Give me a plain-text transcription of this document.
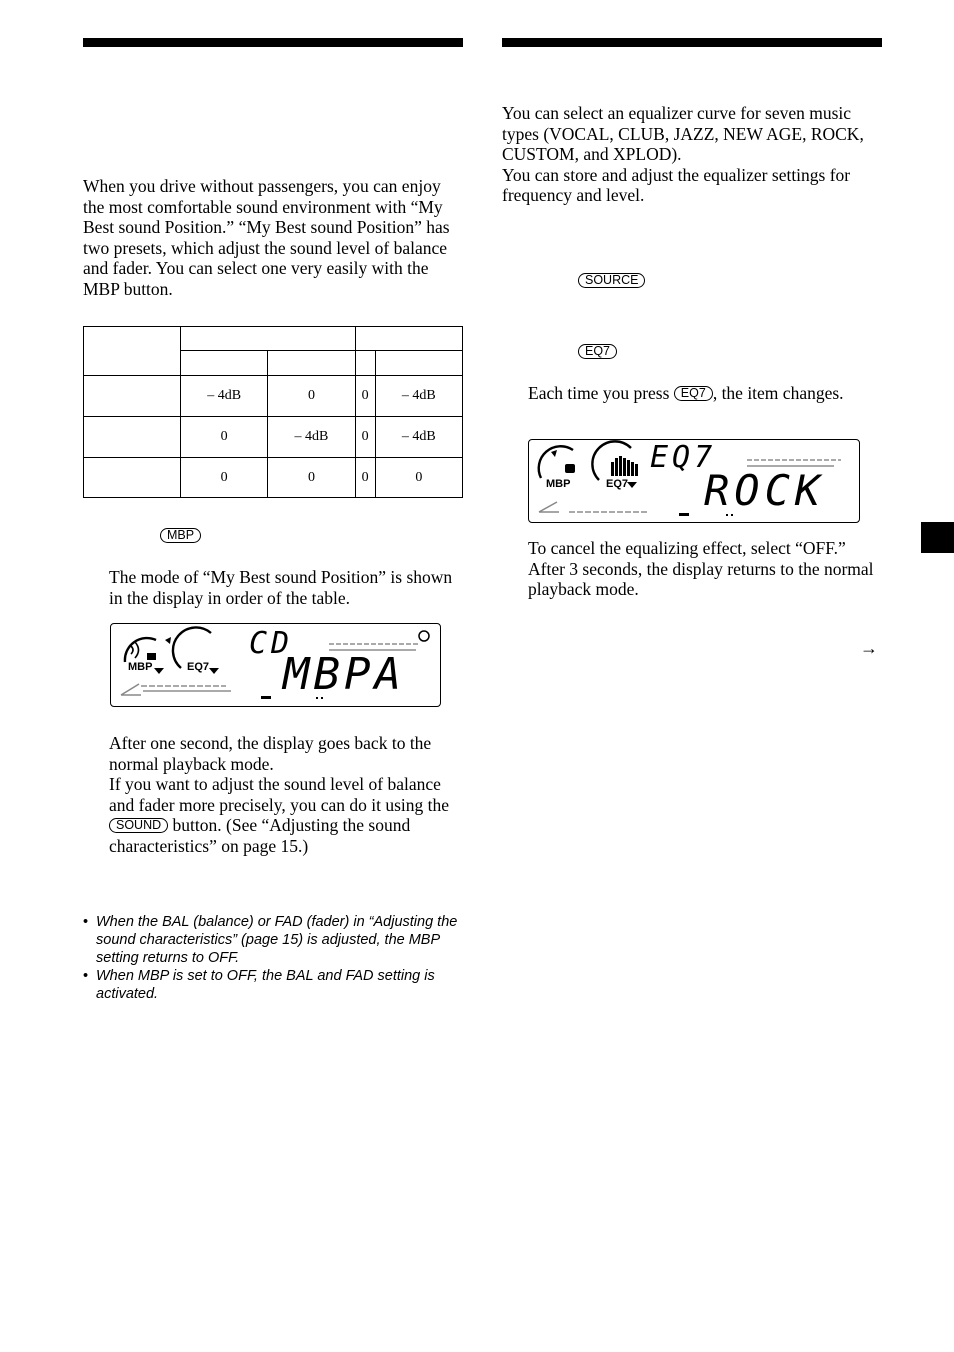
When you drive without passengers, you can enjoy the most comfortable sound environment with “My Best sound Position.” “My Best sound Position” has two presets, which adjust the sound level of balance and fader. You can select one very easily with the MBP button.

	– 4dB	0	0	– 4dB
	0	– 4dB	0	– 4dB
	0	0	0	0
MBP

The mode of “My Best sound Position” is shown in the display in order of the table.

MBP	EQ7
CD
MBPA

After one second, the display goes back to the normal playback mode.

If you want to adjust the sound level of balance and fader more precisely, you can do it using the SOUND button. (See “Adjusting the sound characteristics” on page 15.)

• When the BAL (balance) or FAD (fader) in “Adjusting the sound characteristics” (page 15) is adjusted, the MBP setting returns to OFF.
• When MBP is set to OFF, the BAL and FAD setting is activated.

You can select an equalizer curve for seven music types (VOCAL, CLUB, JAZZ, NEW AGE, ROCK, CUSTOM, and XPLOD).
You can store and adjust the equalizer settings for frequency and level.

SOURCE
EQ7

Each time you press EQ7 , the item changes.

MBP	EQ7
EQ7
ROCK

To cancel the equalizing effect, select “OFF.”
After 3 seconds, the display returns to the normal playback mode.

→
